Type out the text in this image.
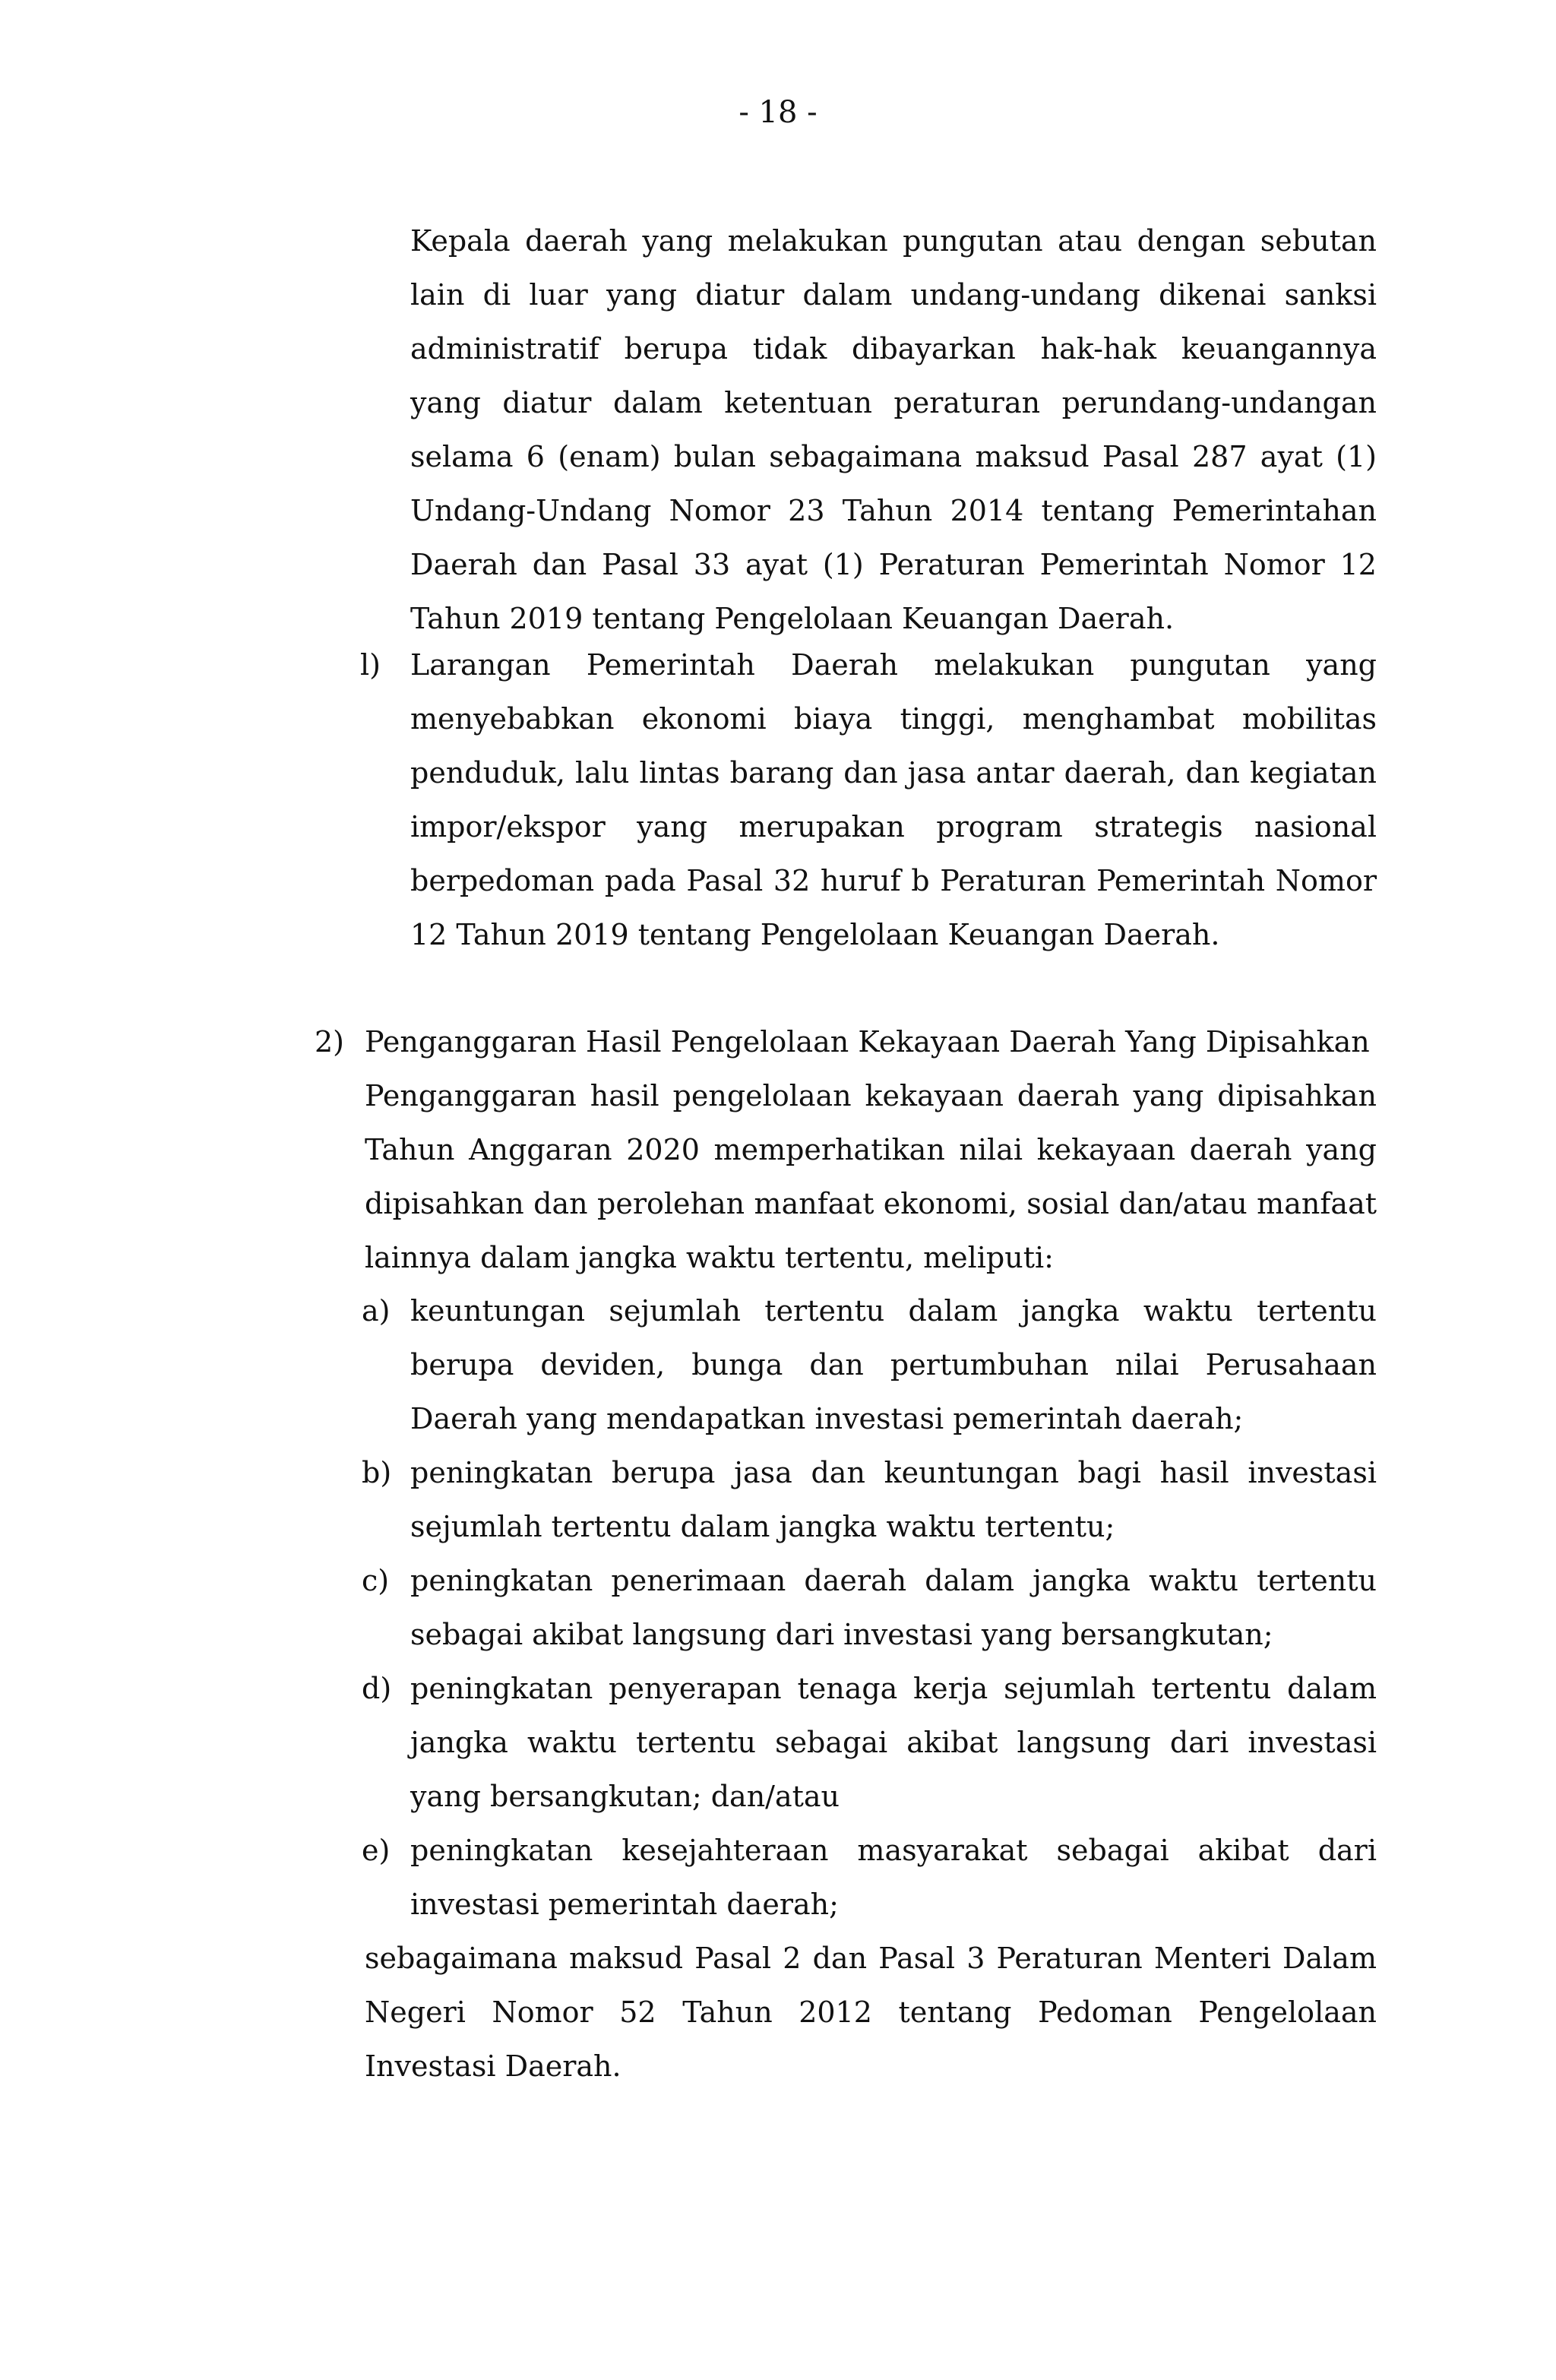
- 18 -

Kepala daerah yang melakukan pungutan atau dengan sebutan lain di luar yang diatur dalam undang-undang dikenai sanksi administratif berupa tidak dibayarkan hak-hak keuangannya yang diatur dalam ketentuan peraturan perundang-undangan selama 6 (enam) bulan sebagaimana maksud Pasal 287 ayat (1) Undang-Undang Nomor 23 Tahun 2014 tentang Pemerintahan Daerah dan Pasal 33 ayat (1) Peraturan Pemerintah Nomor 12 Tahun 2019 tentang Pengelolaan Keuangan Daerah.

l) Larangan Pemerintah Daerah melakukan pungutan yang menyebabkan ekonomi biaya tinggi, menghambat mobilitas penduduk, lalu lintas barang dan jasa antar daerah, dan kegiatan impor/ekspor yang merupakan program strategis nasional berpedoman pada Pasal 32 huruf b Peraturan Pemerintah Nomor 12 Tahun 2019 tentang Pengelolaan Keuangan Daerah.

2) Penganggaran Hasil Pengelolaan Kekayaan Daerah Yang Dipisahkan

Penganggaran hasil pengelolaan kekayaan daerah yang dipisahkan Tahun Anggaran 2020 memperhatikan nilai kekayaan daerah yang dipisahkan dan perolehan manfaat ekonomi, sosial dan/atau manfaat lainnya dalam jangka waktu tertentu, meliputi:

a) keuntungan sejumlah tertentu dalam jangka waktu tertentu berupa deviden, bunga dan pertumbuhan nilai Perusahaan Daerah yang mendapatkan investasi pemerintah daerah;

b) peningkatan berupa jasa dan keuntungan bagi hasil investasi sejumlah tertentu dalam jangka waktu tertentu;

c) peningkatan penerimaan daerah dalam jangka waktu tertentu sebagai akibat langsung dari investasi yang bersangkutan;

d) peningkatan penyerapan tenaga kerja sejumlah tertentu dalam jangka waktu tertentu sebagai akibat langsung dari investasi yang bersangkutan; dan/atau

e) peningkatan kesejahteraan masyarakat sebagai akibat dari investasi pemerintah daerah;

sebagaimana maksud Pasal 2 dan Pasal 3 Peraturan Menteri Dalam Negeri Nomor 52 Tahun 2012 tentang Pedoman Pengelolaan Investasi Daerah.
